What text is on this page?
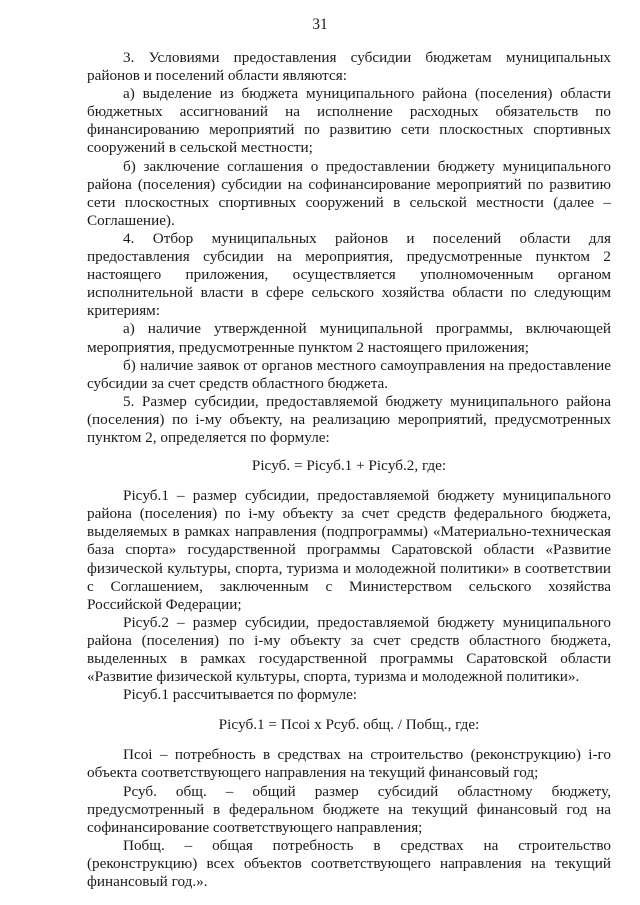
31

3. Условиями предоставления субсидии бюджетам муниципальных районов и поселений области являются:

а) выделение из бюджета муниципального района (поселения) области бюджетных ассигнований на исполнение расходных обязательств по финансированию мероприятий по развитию сети плоскостных спортивных сооружений в сельской местности;

б) заключение соглашения о предоставлении бюджету муниципального района (поселения) субсидии на софинансирование мероприятий по развитию сети плоскостных спортивных сооружений в сельской местности (далее – Соглашение).

4. Отбор муниципальных районов и поселений области для предоставления субсидии на мероприятия, предусмотренные пунктом 2 настоящего приложения, осуществляется уполномоченным органом исполнительной власти в сфере сельского хозяйства области по следующим критериям:

а) наличие утвержденной муниципальной программы, включающей мероприятия, предусмотренные пунктом 2 настоящего приложения;

б) наличие заявок от органов местного самоуправления на предоставление субсидии за счет средств областного бюджета.

5. Размер субсидии, предоставляемой бюджету муниципального района (поселения) по i-му объекту, на реализацию мероприятий, предусмотренных пунктом 2, определяется по формуле:

Рicуб. = Рicуб.1 + Рicуб.2, где:

Рicуб.1 – размер субсидии, предоставляемой бюджету муниципального района (поселения) по i-му объекту за счет средств федерального бюджета, выделяемых в рамках направления (подпрограммы) «Материально-техническая база спорта» государственной программы Саратовской области «Развитие физической культуры, спорта, туризма и молодежной политики» в соответствии с Соглашением, заключенным с Министерством сельского хозяйства Российской Федерации;

Рicуб.2 – размер субсидии, предоставляемой бюджету муниципального района (поселения) по i-му объекту за счет средств областного бюджета, выделенных в рамках государственной программы Саратовской области «Развитие физической культуры, спорта, туризма и молодежной политики».

Рicуб.1 рассчитывается по формуле:

Рicуб.1 = Пcоi x Рсуб. общ. / Побщ., где:

Пcоi – потребность в средствах на строительство (реконструкцию) i-го объекта соответствующего направления на текущий финансовый год;

Рсуб. общ. – общий размер субсидий областному бюджету, предусмотренный в федеральном бюджете на текущий финансовый год на софинансирование соответствующего направления;

Побщ. – общая потребность в средствах на строительство (реконструкцию) всех объектов соответствующего направления на текущий финансовый год.».
